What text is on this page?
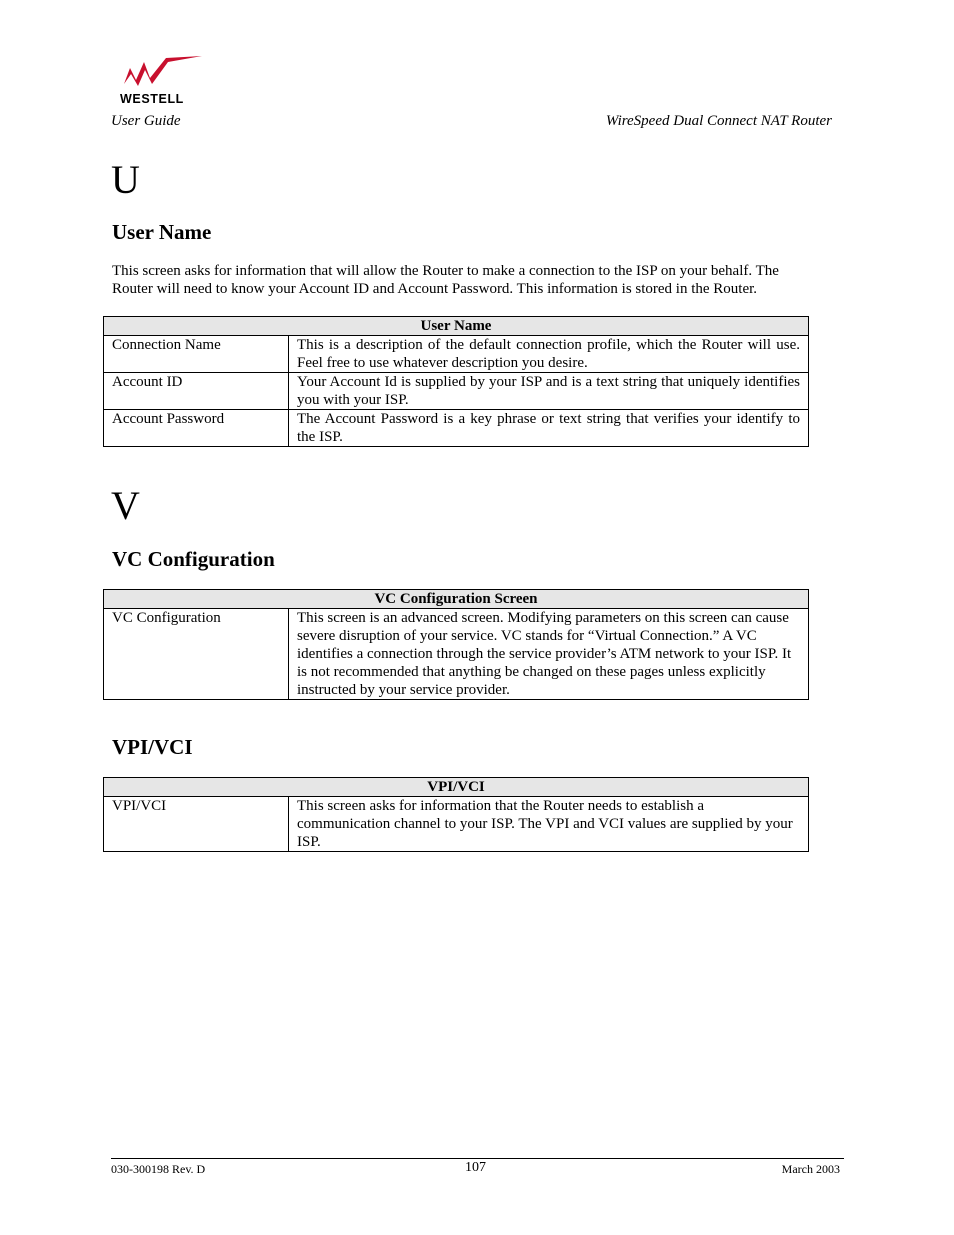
WESTELL
User Guide	WireSpeed Dual Connect NAT Router
U
User Name
This screen asks for information that will allow the Router to make a connection to the ISP on your behalf. The Router will need to know your Account ID and Account Password. This information is stored in the Router.
User Name	
Connection Name	This is a description of the default connection profile, which the Router will use. Feel free to use whatever description you desire.
Account ID	Your Account Id is supplied by your ISP and is a text string that uniquely identifies you with your ISP.
Account Password	The Account Password is a key phrase or text string that verifies your identify to the ISP.
V
VC Configuration
VC Configuration Screen
VC Configuration	This screen is an advanced screen. Modifying parameters on this screen can cause severe disruption of your service. VC stands for “Virtual Connection.” A VC identifies a connection through the service provider’s ATM network to your ISP. It is not recommended that anything be changed on these pages unless explicitly instructed by your service provider.
VPI/VCI
VPI/VCI
VPI/VCI	This screen asks for information that the Router needs to establish a communication channel to your ISP. The VPI and VCI values are supplied by your ISP.
030-300198 Rev. D	107	March 2003
